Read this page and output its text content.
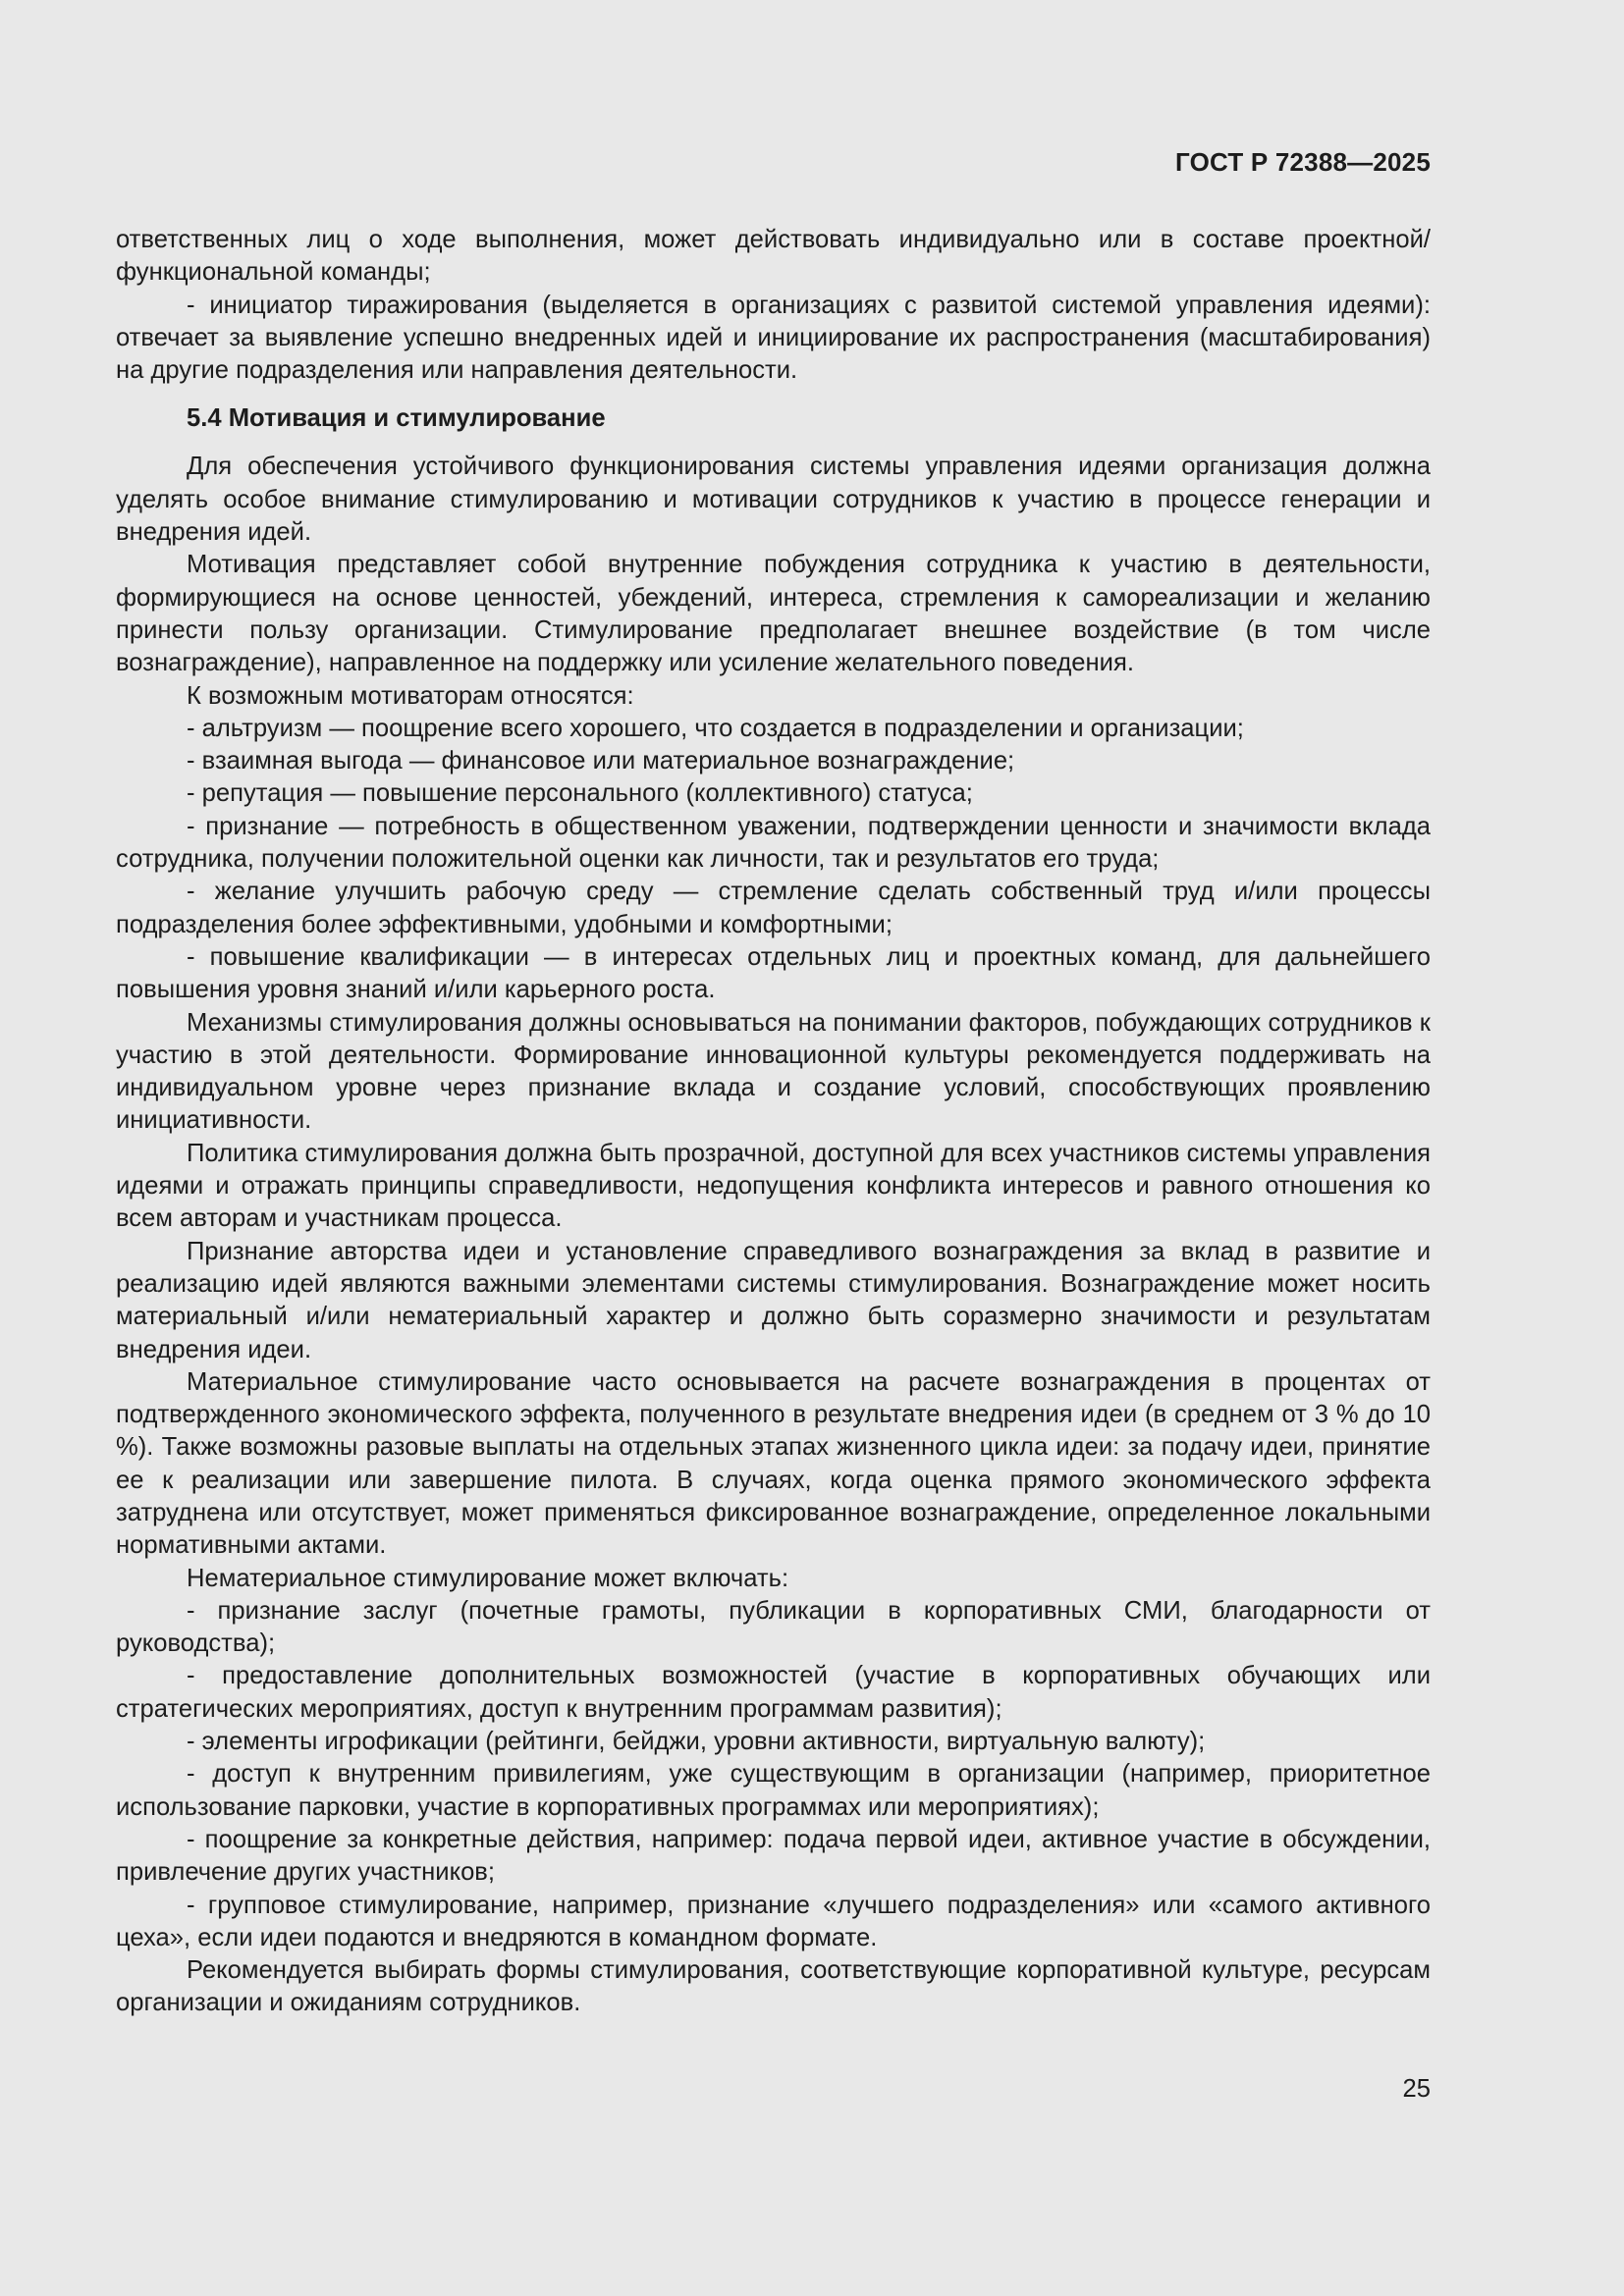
ГОСТ Р 72388—2025

ответственных лиц о ходе выполнения, может действовать индивидуально или в составе проектной/функциональной команды;

- инициатор тиражирования (выделяется в организациях с развитой системой управления идеями): отвечает за выявление успешно внедренных идей и инициирование их распространения (масштабирования) на другие подразделения или направления деятельности.

5.4 Мотивация и стимулирование

Для обеспечения устойчивого функционирования системы управления идеями организация должна уделять особое внимание стимулированию и мотивации сотрудников к участию в процессе генерации и внедрения идей.

Мотивация представляет собой внутренние побуждения сотрудника к участию в деятельности, формирующиеся на основе ценностей, убеждений, интереса, стремления к самореализации и желанию принести пользу организации. Стимулирование предполагает внешнее воздействие (в том числе вознаграждение), направленное на поддержку или усиление желательного поведения.

К возможным мотиваторам относятся:

- альтруизм — поощрение всего хорошего, что создается в подразделении и организации;

- взаимная выгода — финансовое или материальное вознаграждение;

- репутация — повышение персонального (коллективного) статуса;

- признание — потребность в общественном уважении, подтверждении ценности и значимости вклада сотрудника, получении положительной оценки как личности, так и результатов его труда;

- желание улучшить рабочую среду — стремление сделать собственный труд и/или процессы подразделения более эффективными, удобными и комфортными;

- повышение квалификации — в интересах отдельных лиц и проектных команд, для дальнейшего повышения уровня знаний и/или карьерного роста.

Механизмы стимулирования должны основываться на понимании факторов, побуждающих сотрудников к участию в этой деятельности. Формирование инновационной культуры рекомендуется поддерживать на индивидуальном уровне через признание вклада и создание условий, способствующих проявлению инициативности.

Политика стимулирования должна быть прозрачной, доступной для всех участников системы управления идеями и отражать принципы справедливости, недопущения конфликта интересов и равного отношения ко всем авторам и участникам процесса.

Признание авторства идеи и установление справедливого вознаграждения за вклад в развитие и реализацию идей являются важными элементами системы стимулирования. Вознаграждение может носить материальный и/или нематериальный характер и должно быть соразмерно значимости и результатам внедрения идеи.

Материальное стимулирование часто основывается на расчете вознаграждения в процентах от подтвержденного экономического эффекта, полученного в результате внедрения идеи (в среднем от 3 % до 10 %). Также возможны разовые выплаты на отдельных этапах жизненного цикла идеи: за подачу идеи, принятие ее к реализации или завершение пилота. В случаях, когда оценка прямого экономического эффекта затруднена или отсутствует, может применяться фиксированное вознаграждение, определенное локальными нормативными актами.

Нематериальное стимулирование может включать:

- признание заслуг (почетные грамоты, публикации в корпоративных СМИ, благодарности от руководства);

- предоставление дополнительных возможностей (участие в корпоративных обучающих или стратегических мероприятиях, доступ к внутренним программам развития);

- элементы игрофикации (рейтинги, бейджи, уровни активности, виртуальную валюту);

- доступ к внутренним привилегиям, уже существующим в организации (например, приоритетное использование парковки, участие в корпоративных программах или мероприятиях);

- поощрение за конкретные действия, например: подача первой идеи, активное участие в обсуждении, привлечение других участников;

- групповое стимулирование, например, признание «лучшего подразделения» или «самого активного цеха», если идеи подаются и внедряются в командном формате.

Рекомендуется выбирать формы стимулирования, соответствующие корпоративной культуре, ресурсам организации и ожиданиям сотрудников.

25
